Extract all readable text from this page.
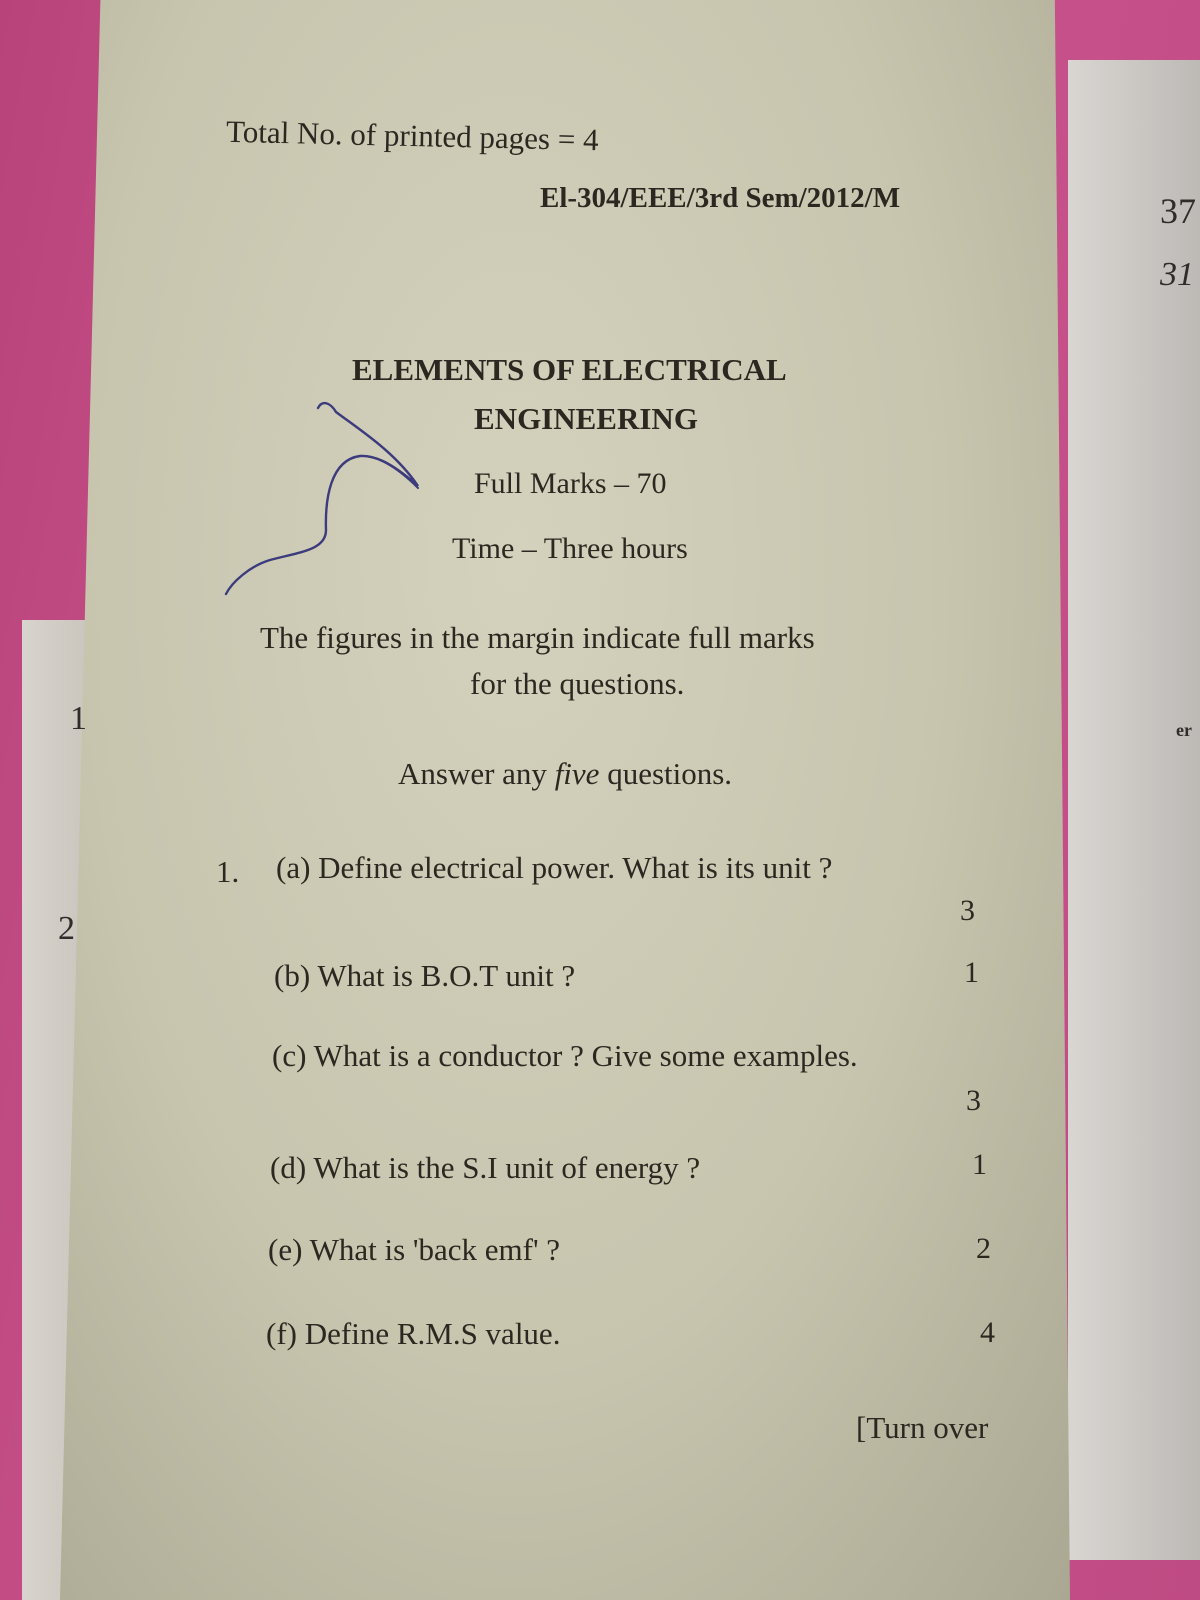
1
2
37
31
er

Total No. of printed pages = 4

El-304/EEE/3rd Sem/2012/M

ELEMENTS OF ELECTRICAL

ENGINEERING

Full Marks – 70

Time – Three hours

The figures in the margin indicate full marks

for the questions.

Answer any five questions.

1. (a) Define electrical power. What is its unit ?

3

(b) What is B.O.T unit ?	1

(c) What is a conductor ? Give some examples.

3

(d) What is the S.I unit of energy ?	1

(e) What is 'back emf' ?	2

(f) Define R.M.S value.	4

[Turn over
